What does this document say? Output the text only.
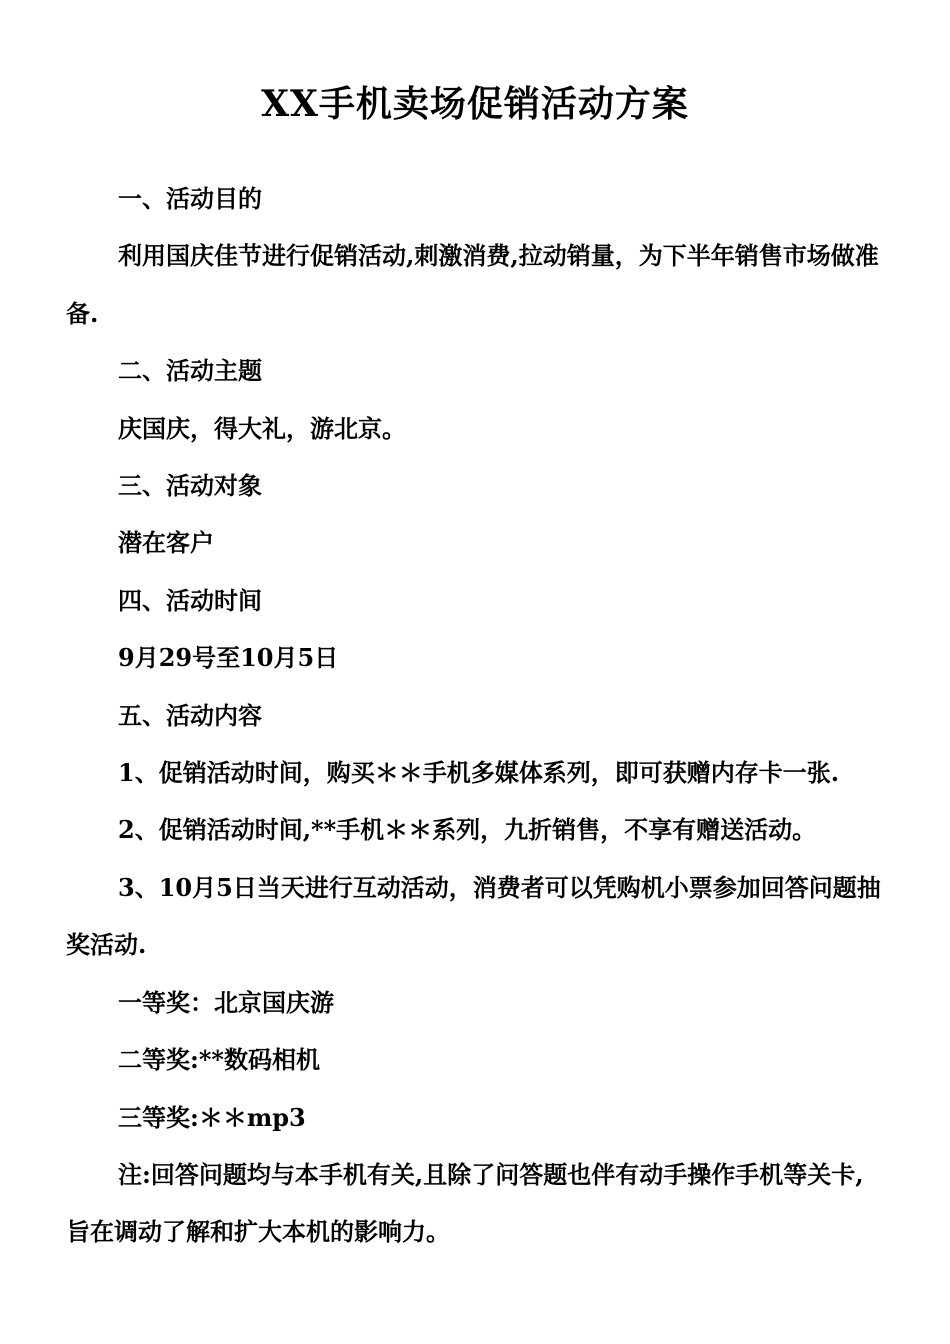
XX手机卖场促销活动方案

一、活动目的

利用国庆佳节进行促销活动,刺激消费,拉动销量，为下半年销售市场做准备.

二、活动主题

庆国庆，得大礼，游北京。

三、活动对象

潜在客户

四、活动时间

9月29号至10月5日

五、活动内容

1、促销活动时间，购买＊＊手机多媒体系列，即可获赠内存卡一张.

2、促销活动时间,**手机＊＊系列，九折销售，不享有赠送活动。

3、10月5日当天进行互动活动，消费者可以凭购机小票参加回答问题抽奖活动.

一等奖：北京国庆游

二等奖:**数码相机

三等奖:＊＊mp3

注:回答问题均与本手机有关,且除了问答题也伴有动手操作手机等关卡,旨在调动了解和扩大本机的影响力。
